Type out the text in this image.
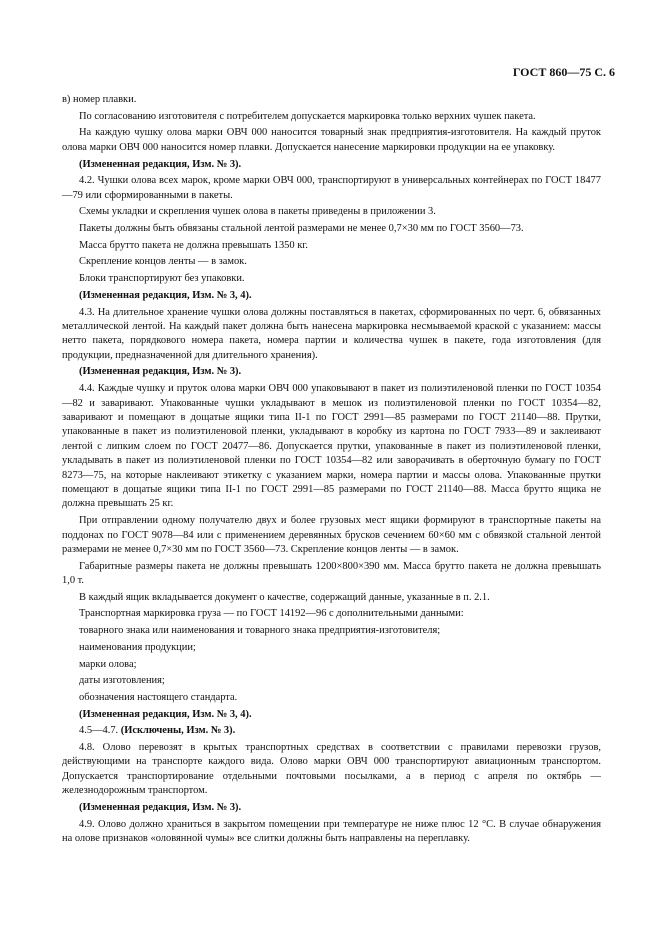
ГОСТ 860—75 С. 6

в) номер плавки.

По согласованию изготовителя с потребителем допускается маркировка только верхних чушек пакета.

На каждую чушку олова марки ОВЧ 000 наносится товарный знак предприятия-изготовителя. На каждый пруток олова марки ОВЧ 000 наносится номер плавки. Допускается нанесение маркировки продукции на ее упаковку.

(Измененная редакция, Изм. № 3).

4.2. Чушки олова всех марок, кроме марки ОВЧ 000, транспортируют в универсальных контейнерах по ГОСТ 18477—79 или сформированными в пакеты.

Схемы укладки и скрепления чушек олова в пакеты приведены в приложении 3.

Пакеты должны быть обвязаны стальной лентой размерами не менее 0,7×30 мм по ГОСТ 3560—73.

Масса брутто пакета не должна превышать 1350 кг.

Скрепление концов ленты — в замок.

Блоки транспортируют без упаковки.

(Измененная редакция, Изм. № 3, 4).

4.3. На длительное хранение чушки олова должны поставляться в пакетах, сформированных по черт. 6, обвязанных металлической лентой. На каждый пакет должна быть нанесена маркировка несмываемой краской с указанием: массы нетто пакета, порядкового номера пакета, номера партии и количества чушек в пакете, года изготовления (для продукции, предназначенной для длительного хранения).

(Измененная редакция, Изм. № 3).

4.4. Каждые чушку и пруток олова марки ОВЧ 000 упаковывают в пакет из полиэтиленовой пленки по ГОСТ 10354—82 и заваривают. Упакованные чушки укладывают в мешок из полиэтиленовой пленки по ГОСТ 10354—82, заваривают и помещают в дощатые ящики типа II-1 по ГОСТ 2991—85 размерами по ГОСТ 21140—88. Прутки, упакованные в пакет из полиэтиленовой пленки, укладывают в коробку из картона по ГОСТ 7933—89 и заклеивают лентой с липким слоем по ГОСТ 20477—86. Допускается прутки, упакованные в пакет из полиэтиленовой пленки, укладывать в пакет из полиэтиленовой пленки по ГОСТ 10354—82 или заворачивать в оберточную бумагу по ГОСТ 8273—75, на которые наклеивают этикетку с указанием марки, номера партии и массы олова. Упакованные прутки помещают в дощатые ящики типа II-1 по ГОСТ 2991—85 размерами по ГОСТ 21140—88. Масса брутто ящика не должна превышать 25 кг.

При отправлении одному получателю двух и более грузовых мест ящики формируют в транспортные пакеты на поддонах по ГОСТ 9078—84 или с применением деревянных брусков сечением 60×60 мм с обвязкой стальной лентой размерами не менее 0,7×30 мм по ГОСТ 3560—73. Скрепление концов ленты — в замок.

Габаритные размеры пакета не должны превышать 1200×800×390 мм. Масса брутто пакета не должна превышать 1,0 т.

В каждый ящик вкладывается документ о качестве, содержащий данные, указанные в п. 2.1.

Транспортная маркировка груза — по ГОСТ 14192—96 с дополнительными данными:

товарного знака или наименования и товарного знака предприятия-изготовителя;

наименования продукции;

марки олова;

даты изготовления;

обозначения настоящего стандарта.

(Измененная редакция, Изм. № 3, 4).

4.5—4.7. (Исключены, Изм. № 3).

4.8. Олово перевозят в крытых транспортных средствах в соответствии с правилами перевозки грузов, действующими на транспорте каждого вида. Олово марки ОВЧ 000 транспортируют авиационным транспортом. Допускается транспортирование отдельными почтовыми посылками, а в период с апреля по октябрь — железнодорожным транспортом.

(Измененная редакция, Изм. № 3).

4.9. Олово должно храниться в закрытом помещении при температуре не ниже плюс 12 °С. В случае обнаружения на олове признаков «оловянной чумы» все слитки должны быть направлены на переплавку.
